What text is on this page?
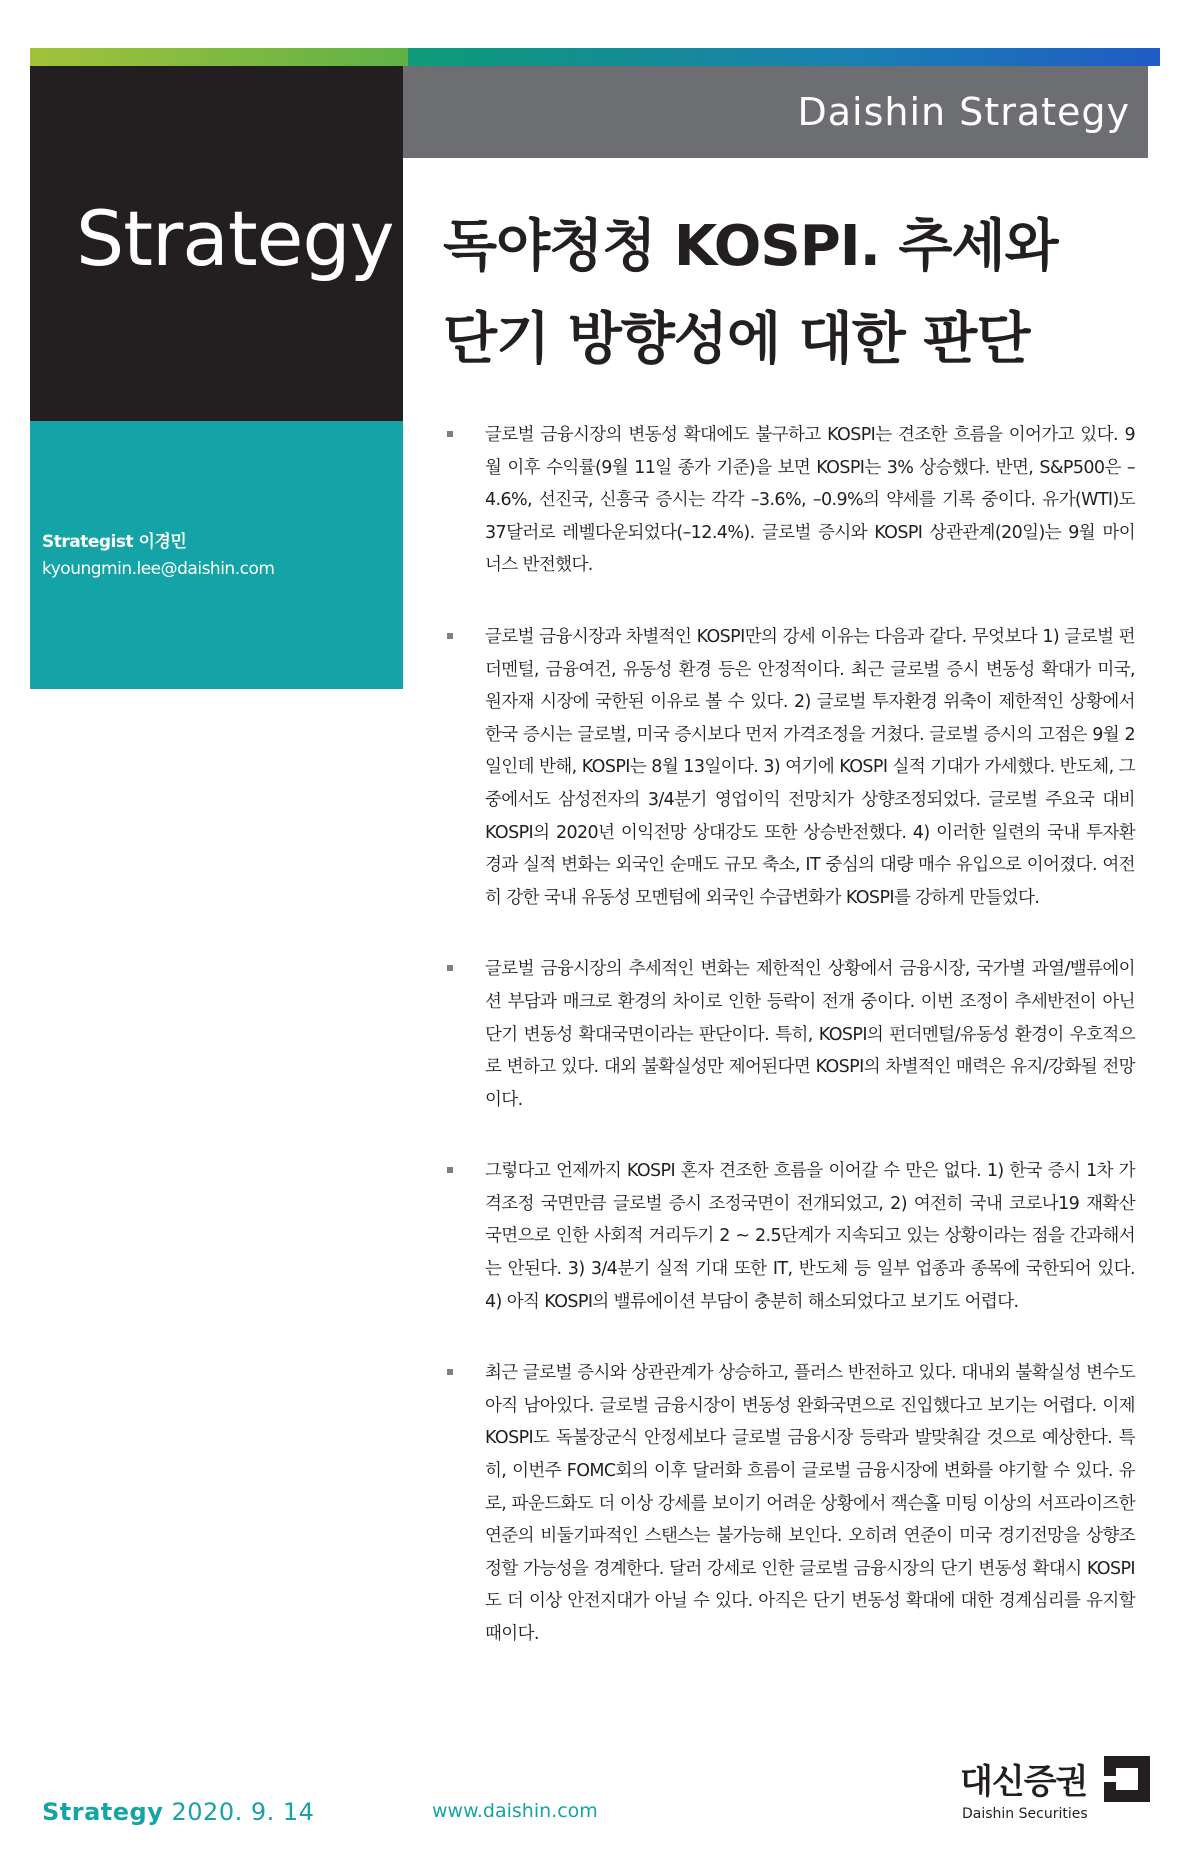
Daishin Strategy
Strategy
Strategist 이경민
kyoungmin.lee@daishin.com
독야청청 KOSPI. 추세와
단기 방향성에 대한 판단
글로벌 금융시장의 변동성 확대에도 불구하고 KOSPI는 견조한 흐름을 이어가고 있다. 9월 이후 수익률(9월 11일 종가 기준)을 보면 KOSPI는 3% 상승했다. 반면, S&P500은 –4.6%, 선진국, 신흥국 증시는 각각 –3.6%, –0.9%의 약세를 기록 중이다. 유가(WTI)도 37달러로 레벨다운되었다(–12.4%). 글로벌 증시와 KOSPI 상관관계(20일)는 9월 마이너스 반전했다.
글로벌 금융시장과 차별적인 KOSPI만의 강세 이유는 다음과 같다. 무엇보다 1) 글로벌 펀더멘털, 금융여건, 유동성 환경 등은 안정적이다. 최근 글로벌 증시 변동성 확대가 미국, 원자재 시장에 국한된 이유로 볼 수 있다. 2) 글로벌 투자환경 위축이 제한적인 상황에서 한국 증시는 글로벌, 미국 증시보다 먼저 가격조정을 거쳤다. 글로벌 증시의 고점은 9월 2일인데 반해, KOSPI는 8월 13일이다. 3) 여기에 KOSPI 실적 기대가 가세했다. 반도체, 그 중에서도 삼성전자의 3/4분기 영업이익 전망치가 상향조정되었다. 글로벌 주요국 대비 KOSPI의 2020년 이익전망 상대강도 또한 상승반전했다. 4) 이러한 일련의 국내 투자환경과 실적 변화는 외국인 순매도 규모 축소, IT 중심의 대량 매수 유입으로 이어졌다. 여전히 강한 국내 유동성 모멘텀에 외국인 수급변화가 KOSPI를 강하게 만들었다.
글로벌 금융시장의 추세적인 변화는 제한적인 상황에서 금융시장, 국가별 과열/밸류에이션 부담과 매크로 환경의 차이로 인한 등락이 전개 중이다. 이번 조정이 추세반전이 아닌 단기 변동성 확대국면이라는 판단이다. 특히, KOSPI의 펀더멘털/유동성 환경이 우호적으로 변하고 있다. 대외 불확실성만 제어된다면 KOSPI의 차별적인 매력은 유지/강화될 전망이다.
그렇다고 언제까지 KOSPI 혼자 견조한 흐름을 이어갈 수 만은 없다. 1) 한국 증시 1차 가격조정 국면만큼 글로벌 증시 조정국면이 전개되었고, 2) 여전히 국내 코로나19 재확산 국면으로 인한 사회적 거리두기 2 ~ 2.5단계가 지속되고 있는 상황이라는 점을 간과해서는 안된다. 3) 3/4분기 실적 기대 또한 IT, 반도체 등 일부 업종과 종목에 국한되어 있다. 4) 아직 KOSPI의 밸류에이션 부담이 충분히 해소되었다고 보기도 어렵다.
최근 글로벌 증시와 상관관계가 상승하고, 플러스 반전하고 있다. 대내외 불확실성 변수도 아직 남아있다. 글로벌 금융시장이 변동성 완화국면으로 진입했다고 보기는 어렵다. 이제 KOSPI도 독불장군식 안정세보다 글로벌 금융시장 등락과 발맞춰갈 것으로 예상한다. 특히, 이번주 FOMC회의 이후 달러화 흐름이 글로벌 금융시장에 변화를 야기할 수 있다. 유로, 파운드화도 더 이상 강세를 보이기 어려운 상황에서 잭슨홀 미팅 이상의 서프라이즈한 연준의 비둘기파적인 스탠스는 불가능해 보인다. 오히려 연준이 미국 경기전망을 상향조정할 가능성을 경계한다. 달러 강세로 인한 글로벌 금융시장의 단기 변동성 확대시 KOSPI도 더 이상 안전지대가 아닐 수 있다. 아직은 단기 변동성 확대에 대한 경계심리를 유지할 때이다.
Strategy 2020. 9. 14	www.daishin.com
대신증권
Daishin Securities
